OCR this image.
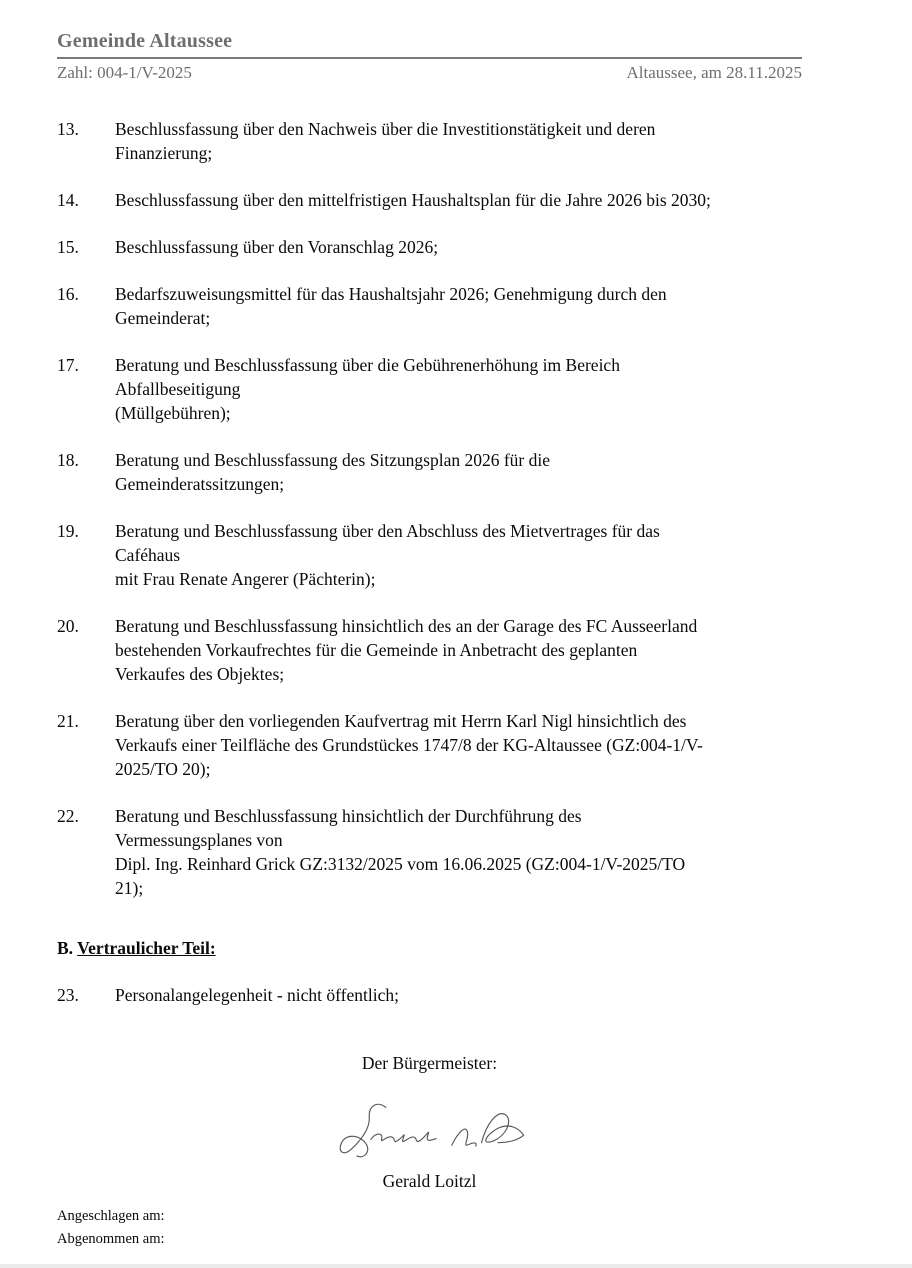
Gemeinde Altaussee
Zahl: 004-1/V-2025	Altaussee, am 28.11.2025
13.	Beschlussfassung über den Nachweis über die Investitionstätigkeit und deren
Finanzierung;
14.	Beschlussfassung über den mittelfristigen Haushaltsplan für die Jahre 2026 bis 2030;
15.	Beschlussfassung über den Voranschlag 2026;
16.	Bedarfszuweisungsmittel für das Haushaltsjahr 2026; Genehmigung durch den
Gemeinderat;
17.	Beratung und Beschlussfassung über die Gebührenerhöhung im Bereich
Abfallbeseitigung
(Müllgebühren);
18.	Beratung und Beschlussfassung des Sitzungsplan 2026 für die
Gemeinderatssitzungen;
19.	Beratung und Beschlussfassung über den Abschluss des Mietvertrages für das
Caféhaus
mit Frau Renate Angerer (Pächterin);
20.	Beratung und Beschlussfassung hinsichtlich des an der Garage des FC Ausseerland
bestehenden Vorkaufrechtes für die Gemeinde in Anbetracht des geplanten
Verkaufes des Objektes;
21.	Beratung über den vorliegenden Kaufvertrag mit Herrn Karl Nigl hinsichtlich des
Verkaufs einer Teilfläche des Grundstückes 1747/8 der KG-Altaussee (GZ:004-1/V-
2025/TO 20);
22.	Beratung und Beschlussfassung hinsichtlich der Durchführung des
Vermessungsplanes von
Dipl. Ing. Reinhard Grick GZ:3132/2025 vom 16.06.2025 (GZ:004-1/V-2025/TO
21);
B. Vertraulicher Teil:
23.	Personalangelegenheit - nicht öffentlich;
Der Bürgermeister:
Gerald Loitzl
Angeschlagen am:
Abgenommen am:
